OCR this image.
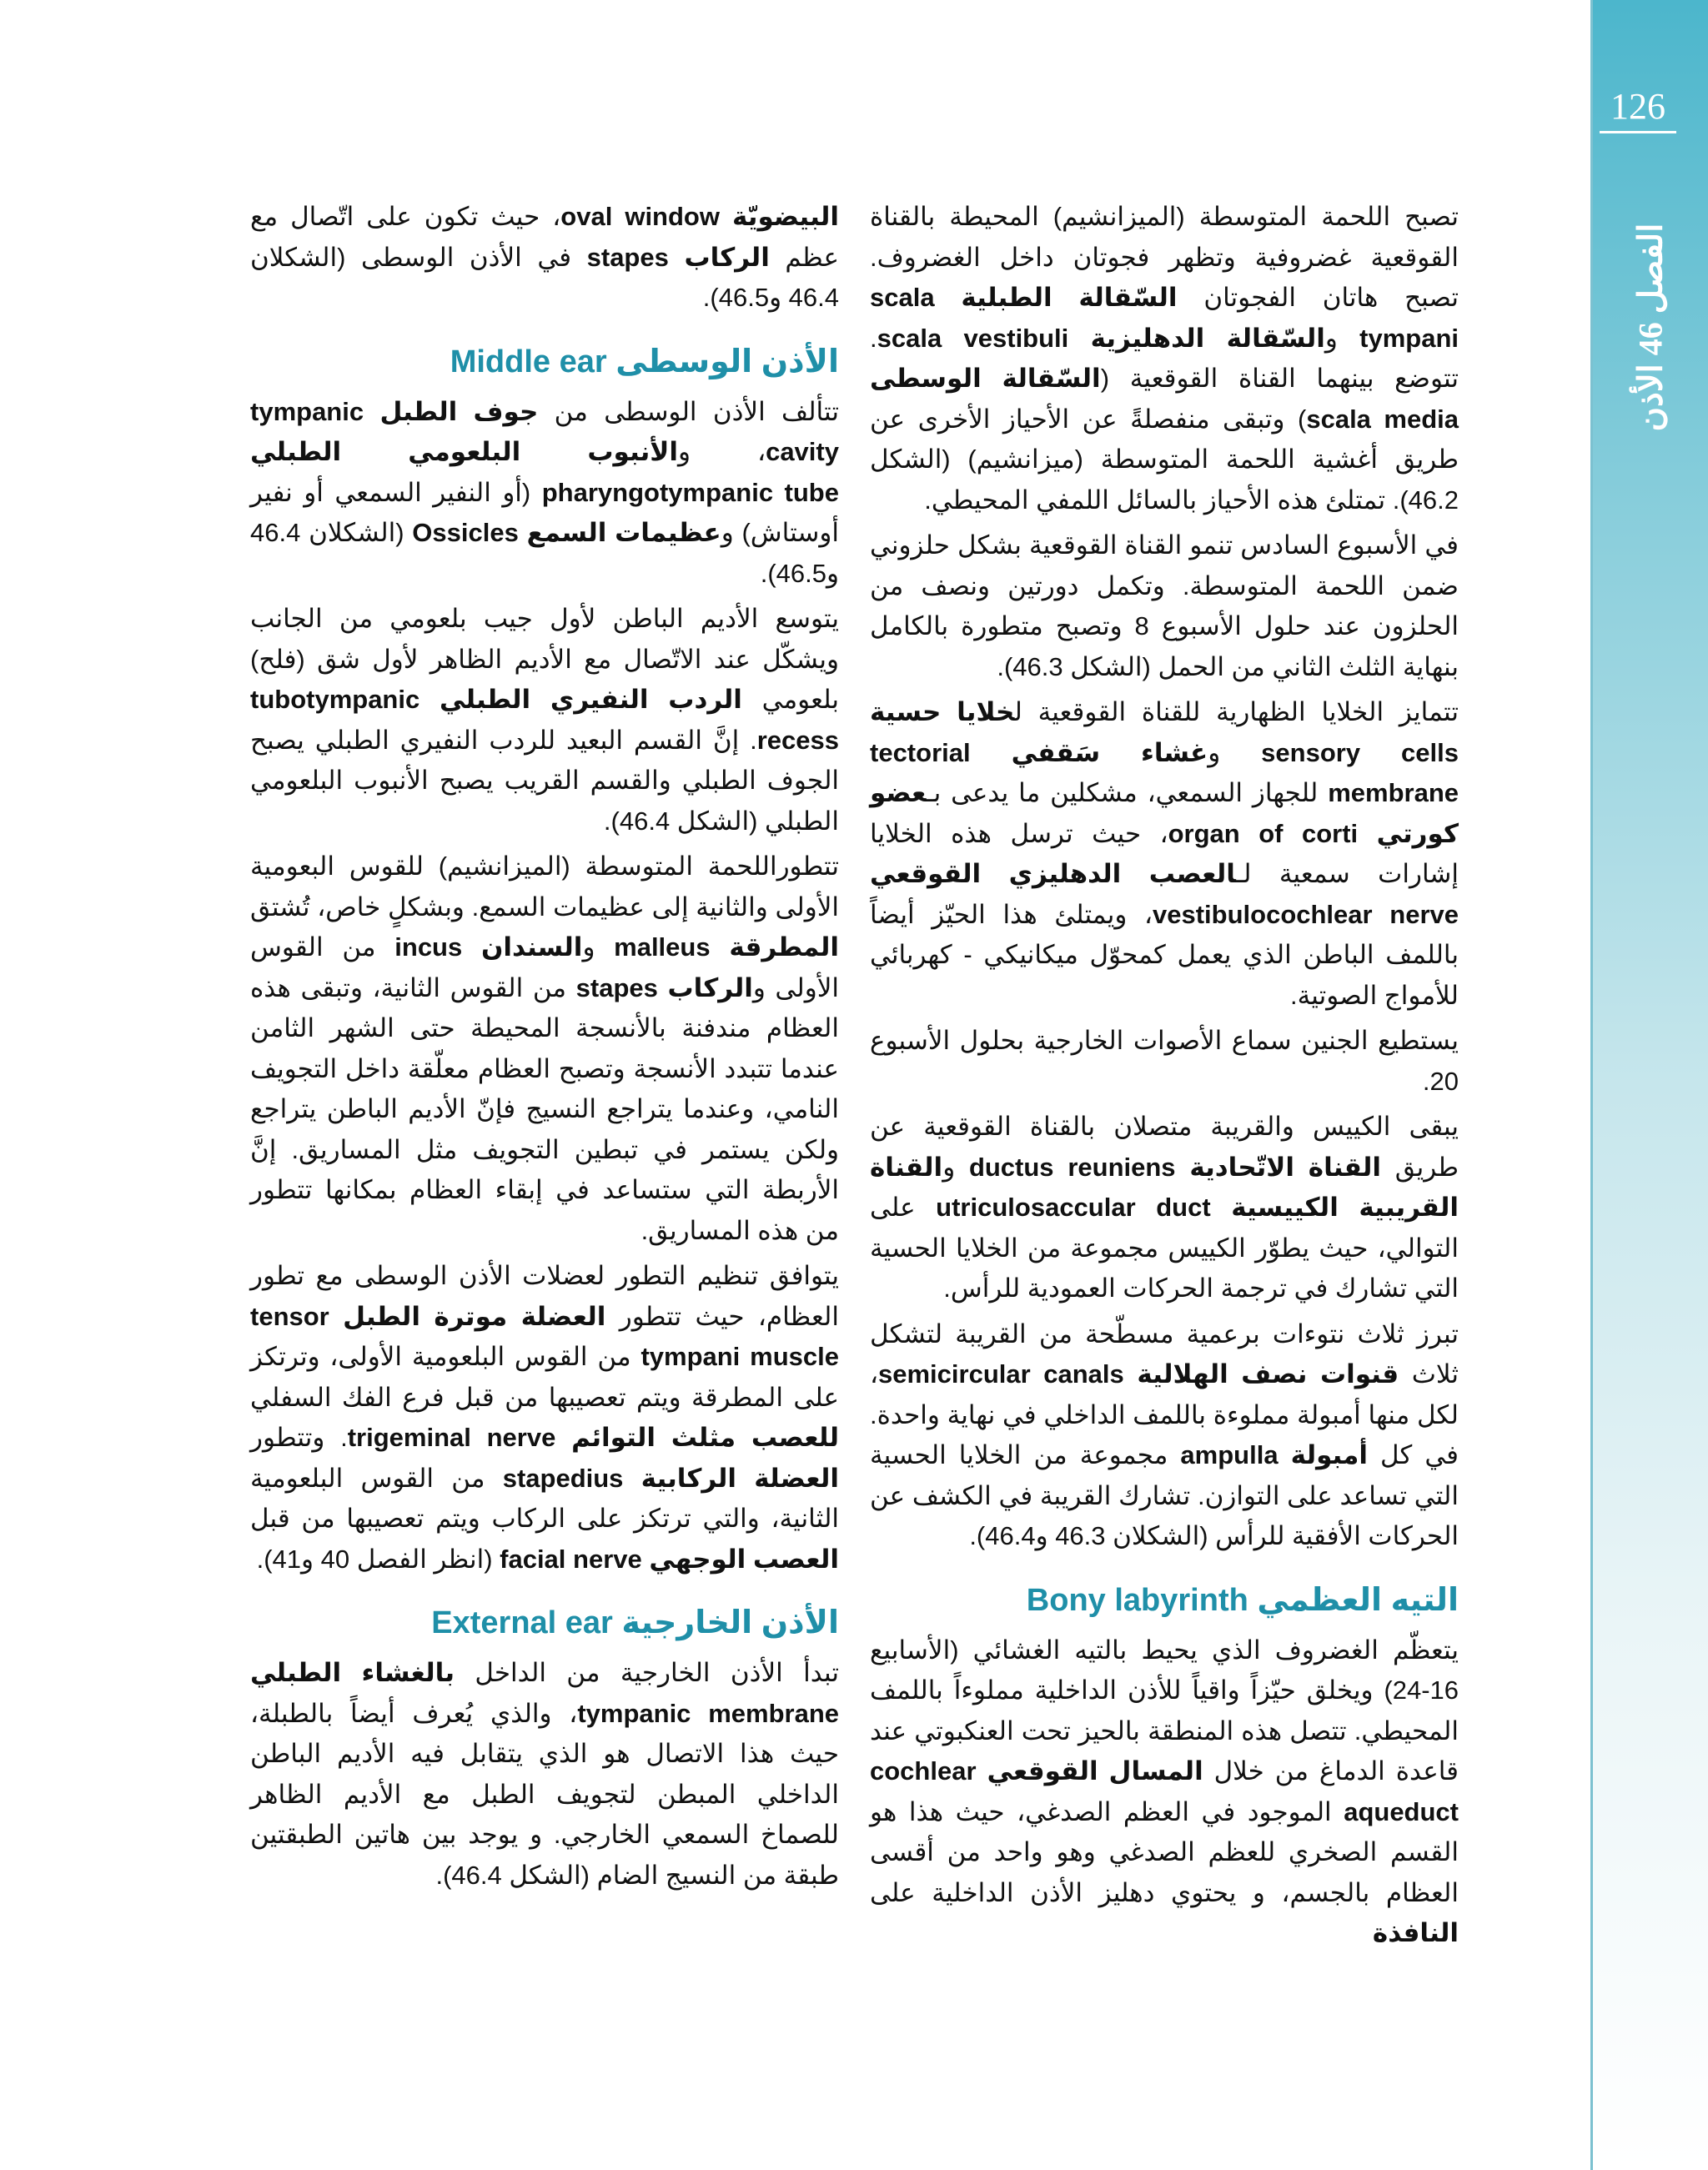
126
الفصل 46 الأذن

تصبح اللحمة المتوسطة (الميزانشيم) المحيطة بالقناة القوقعية غضروفية وتظهر فجوتان داخل الغضروف. تصبح هاتان الفجوتان السّقالة الطبلية scala tympani والسّقالة الدهليزية scala vestibuli. تتوضع بينهما القناة القوقعية (السّقالة الوسطى scala media) وتبقى منفصلةً عن الأحياز الأخرى عن طريق أغشية اللحمة المتوسطة (ميزانشيم) (الشكل 46.2). تمتلئ هذه الأحياز بالسائل اللمفي المحيطي.

في الأسبوع السادس تنمو القناة القوقعية بشكل حلزوني ضمن اللحمة المتوسطة. وتكمل دورتين ونصف من الحلزون عند حلول الأسبوع 8 وتصبح متطورة بالكامل بنهاية الثلث الثاني من الحمل (الشكل 46.3).

تتمايز الخلايا الظهارية للقناة القوقعية لخلايا حسية sensory cells وغشاء سَقفي tectorial membrane للجهاز السمعي، مشكلين ما يدعى بـعضو كورتي organ of corti، حيث ترسل هذه الخلايا إشارات سمعية لـالعصب الدهليزي القوقعي vestibulocochlear nerve، ويمتلئ هذا الحيّز أيضاً باللمف الباطن الذي يعمل كمحوّل ميكانيكي - كهربائي للأمواج الصوتية.

يستطيع الجنين سماع الأصوات الخارجية بحلول الأسبوع 20.

يبقى الكييس والقريبة متصلان بالقناة القوقعية عن طريق القناة الاتّحادية ductus reuniens والقناة القريبية الكييسية utriculosaccular duct على التوالي، حيث يطوّر الكييس مجموعة من الخلايا الحسية التي تشارك في ترجمة الحركات العمودية للرأس.

تبرز ثلاث نتوءات برعمية مسطّحة من القريبة لتشكل ثلاث قنوات نصف الهلالية semicircular canals، لكل منها أمبولة مملوءة باللمف الداخلي في نهاية واحدة. في كل أمبولة ampulla مجموعة من الخلايا الحسية التي تساعد على التوازن. تشارك القريبة في الكشف عن الحركات الأفقية للرأس (الشكلان 46.3 و46.4).

التيه العظمي Bony labyrinth

يتعظّم الغضروف الذي يحيط بالتيه الغشائي (الأسابيع 16-24) ويخلق حيّزاً واقياً للأذن الداخلية مملوءاً باللمف المحيطي. تتصل هذه المنطقة بالحيز تحت العنكبوتي عند قاعدة الدماغ من خلال المسال القوقعي cochlear aqueduct الموجود في العظم الصدغي، حيث هذا هو القسم الصخري للعظم الصدغي وهو واحد من أقسى العظام بالجسم، و يحتوي دهليز الأذن الداخلية على النافذة

البيضويّة oval window، حيث تكون على اتّصال مع عظم الركاب stapes في الأذن الوسطى (الشكلان 46.4 و46.5).

الأذن الوسطى Middle ear

تتألف الأذن الوسطى من جوف الطبل tympanic cavity، والأنبوب البلعومي الطبلي pharyngotympanic tube (أو النفير السمعي أو نفير أوستاش) وعظيمات السمع Ossicles (الشكلان 46.4 و46.5).

يتوسع الأديم الباطن لأول جيب بلعومي من الجانب ويشكّل عند الاتّصال مع الأديم الظاهر لأول شق (فلح) بلعومي الردب النفيري الطبلي tubotympanic recess. إنَّ القسم البعيد للردب النفيري الطبلي يصبح الجوف الطبلي والقسم القريب يصبح الأنبوب البلعومي الطبلي (الشكل 46.4).

تتطوراللحمة المتوسطة (الميزانشيم) للقوس البعومية الأولى والثانية إلى عظيمات السمع. وبشكلٍ خاص، تُشتق المطرقة malleus والسندان incus من القوس الأولى والركاب stapes من القوس الثانية، وتبقى هذه العظام مندفنة بالأنسجة المحيطة حتى الشهر الثامن عندما تتبدد الأنسجة وتصبح العظام معلّقة داخل التجويف النامي، وعندما يتراجع النسيج فإنّ الأديم الباطن يتراجع ولكن يستمر في تبطين التجويف مثل المساريق. إنَّ الأربطة التي ستساعد في إبقاء العظام بمكانها تتطور من هذه المساريق.

يتوافق تنظيم التطور لعضلات الأذن الوسطى مع تطور العظام، حيث تتطور العضلة موترة الطبل tensor tympani muscle من القوس البلعومية الأولى، وترتكز على المطرقة ويتم تعصيبها من قبل فرع الفك السفلي للعصب مثلث التوائم trigeminal nerve. وتتطور العضلة الركابية stapedius من القوس البلعومية الثانية، والتي ترتكز على الركاب ويتم تعصيبها من قبل العصب الوجهي facial nerve (انظر الفصل 40 و41).

الأذن الخارجية External ear

تبدأ الأذن الخارجية من الداخل بالغشاء الطبلي tympanic membrane، والذي يُعرف أيضاً بالطبلة، حيث هذا الاتصال هو الذي يتقابل فيه الأديم الباطن الداخلي المبطن لتجويف الطبل مع الأديم الظاهر للصماخ السمعي الخارجي. و يوجد بين هاتين الطبقتين طبقة من النسيج الضام (الشكل 46.4).
